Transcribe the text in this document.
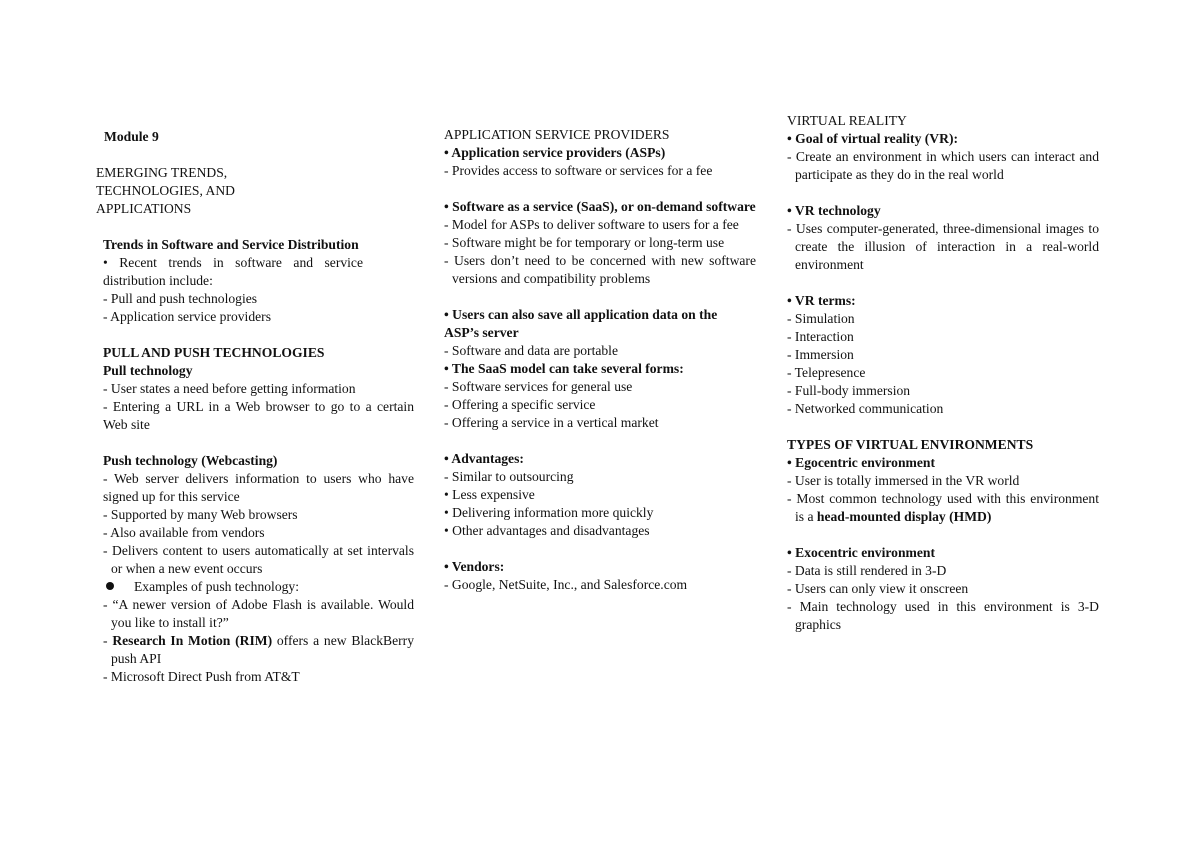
Module 9
EMERGING TRENDS,
TECHNOLOGIES, AND
APPLICATIONS
Trends in Software and Service Distribution
• Recent trends in software and service distribution include:
- Pull and push technologies
- Application service providers
PULL AND PUSH TECHNOLOGIES
Pull technology
- User states a need before getting information
- Entering a URL in a Web browser to go to a certain Web site
Push technology (Webcasting)
- Web server delivers information to users who have signed up for this service
- Supported by many Web browsers
- Also available from vendors
- Delivers content to users automatically at set intervals or when a new event occurs
Examples of push technology:
- “A newer version of Adobe Flash is available. Would you like to install it?”
- Research In Motion (RIM) offers a new BlackBerry push API
- Microsoft Direct Push from AT&T
APPLICATION SERVICE PROVIDERS
• Application service providers (ASPs)
- Provides access to software or services for a fee
• Software as a service (SaaS), or on-demand software
- Model for ASPs to deliver software to users for a fee
- Software might be for temporary or long-term use
- Users don’t need to be concerned with new software versions and compatibility problems
• Users can also save all application data on the
ASP’s server
- Software and data are portable
• The SaaS model can take several forms:
- Software services for general use
- Offering a specific service
- Offering a service in a vertical market
• Advantages:
- Similar to outsourcing
• Less expensive
• Delivering information more quickly
• Other advantages and disadvantages
• Vendors:
- Google, NetSuite, Inc., and Salesforce.com
VIRTUAL REALITY
• Goal of virtual reality (VR):
- Create an environment in which users can interact and participate as they do in the real world
• VR technology
- Uses computer-generated, three-dimensional images to create the illusion of interaction in a real-world environment
• VR terms:
- Simulation
- Interaction
- Immersion
- Telepresence
- Full-body immersion
- Networked communication
TYPES OF VIRTUAL ENVIRONMENTS
• Egocentric environment
- User is totally immersed in the VR world
- Most common technology used with this environment is a head-mounted display (HMD)
• Exocentric environment
- Data is still rendered in 3-D
- Users can only view it onscreen
- Main technology used in this environment is 3-D graphics
